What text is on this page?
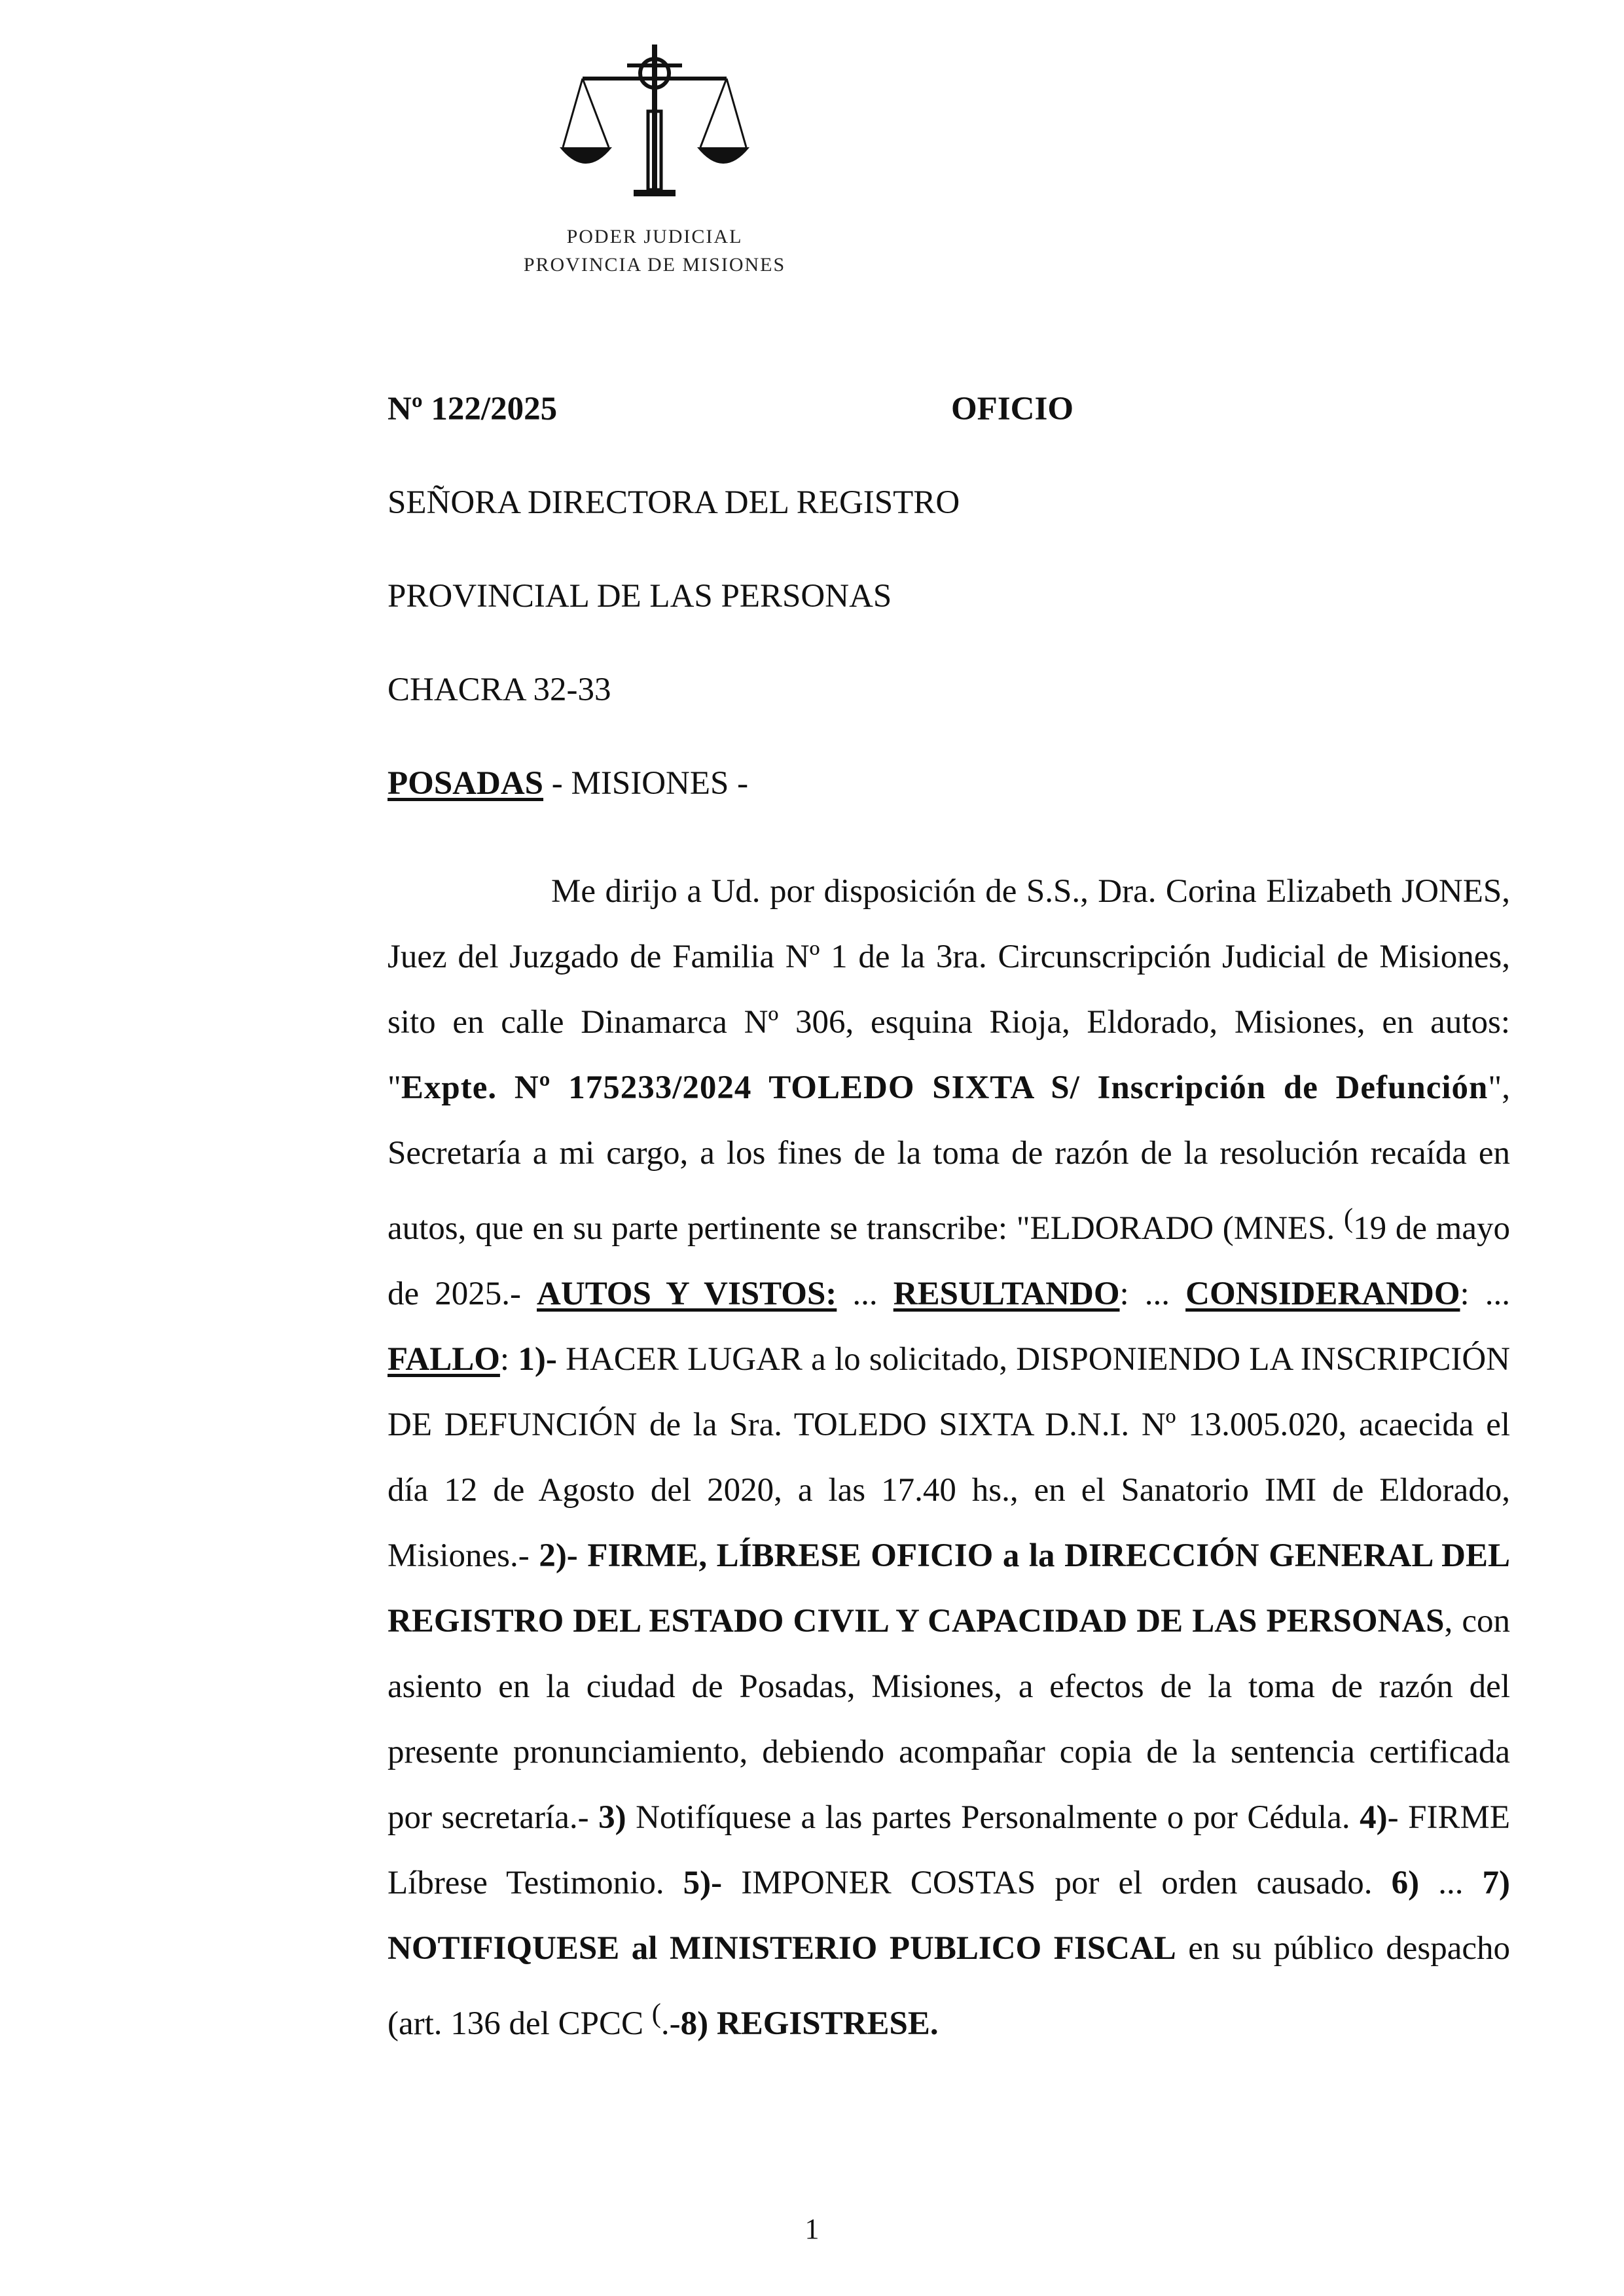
PODER JUDICIAL
PROVINCIA DE MISIONES
Nº 122/2025	OFICIO
SEÑORA DIRECTORA DEL REGISTRO
PROVINCIAL DE LAS PERSONAS
CHACRA 32-33
POSADAS - MISIONES -

Me dirijo a Ud. por disposición de S.S., Dra. Corina Elizabeth JONES, Juez del Juzgado de Familia Nº 1 de la 3ra. Circunscripción Judicial de Misiones, sito en calle Dinamarca Nº 306, esquina Rioja, Eldorado, Misiones, en autos: "Expte. Nº 175233/2024 TOLEDO SIXTA S/ Inscripción de Defunción", Secretaría a mi cargo, a los fines de la toma de razón de la resolución recaída en autos, que en su parte pertinente se transcribe: "ELDORADO (MNES. (19 de mayo de 2025.- AUTOS Y VISTOS: ... RESULTANDO: ... CONSIDERANDO: ... FALLO: 1)- HACER LUGAR a lo solicitado, DISPONIENDO LA INSCRIPCIÓN DE DEFUNCIÓN de la Sra. TOLEDO SIXTA D.N.I. Nº 13.005.020, acaecida el día 12 de Agosto del 2020, a las 17.40 hs., en el Sanatorio IMI de Eldorado, Misiones.- 2)- FIRME, LÍBRESE OFICIO a la DIRECCIÓN GENERAL DEL REGISTRO DEL ESTADO CIVIL Y CAPACIDAD DE LAS PERSONAS, con asiento en la ciudad de Posadas, Misiones, a efectos de la toma de razón del presente pronunciamiento, debiendo acompañar copia de la sentencia certificada por secretaría.- 3) Notifíquese a las partes Personalmente o por Cédula. 4)- FIRME Líbrese Testimonio. 5)- IMPONER COSTAS por el orden causado. 6) ... 7) NOTIFIQUESE al MINISTERIO PUBLICO FISCAL en su público despacho (art. 136 del CPCC (.-8) REGISTRESE.

1
